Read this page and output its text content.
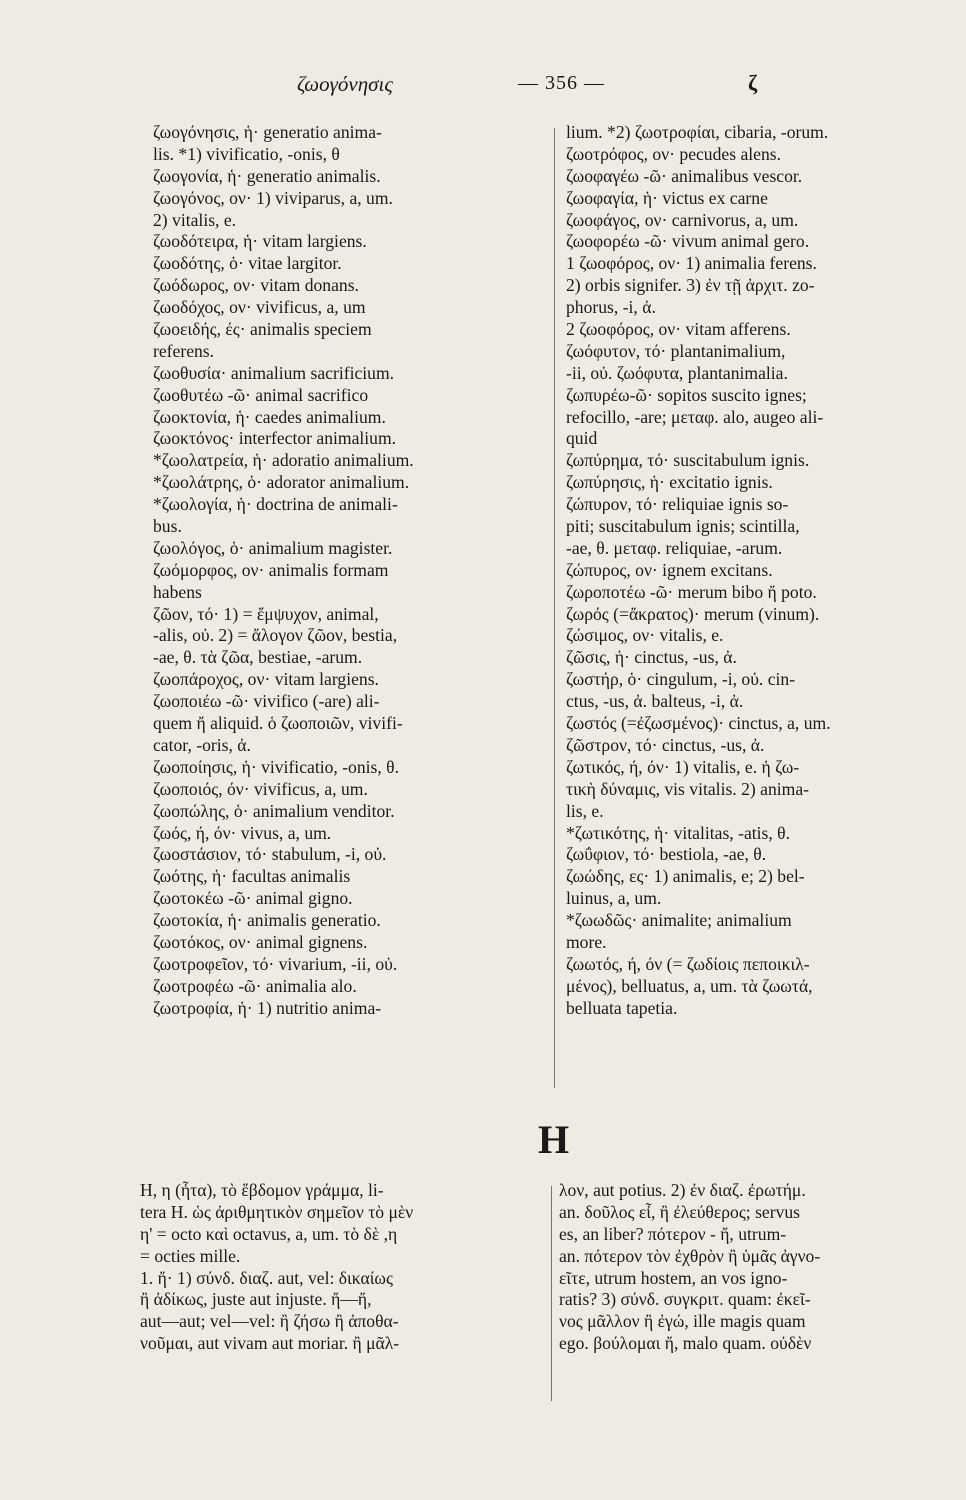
ζωογόνησις	— 356 —	ζ
ζωογόνησις, ἡ· generatio anima-
lis. *1) vivificatio, -onis, θ
ζωογονία, ἡ· generatio animalis.
ζωογόνος, ον· 1) viviparus, a, um.
2) vitalis, e.
ζωοδότειρα, ἡ· vitam largiens.
ζωοδότης, ὁ· vitae largitor.
ζωόδωρος, ον· vitam donans.
ζωοδόχος, ον· vivificus, a, um
ζωοειδής, ές· animalis speciem
referens.
ζωοθυσία· animalium sacrificium.
ζωοθυτέω -ῶ· animal sacrifico
ζωοκτονία, ἡ· caedes animalium.
ζωοκτόνος· interfector animalium.
*ζωολατρεία, ἡ· adoratio animalium.
*ζωολάτρης, ὁ· adorator animalium.
*ζωολογία, ἡ· doctrina de animali-
bus.
ζωολόγος, ὁ· animalium magister.
ζωόμορφος, ον· animalis formam
habens
ζῶον, τό· 1) = ἔμψυχον, animal,
-alis, οὐ. 2) = ἄλογον ζῶον, bestia,
-ae, θ. τὰ ζῶα, bestiae, -arum.
ζωοπάροχος, ον· vitam largiens.
ζωοποιέω -ῶ· vivifico (-are) ali-
quem ἤ aliquid. ὁ ζωοποιῶν, vivifi-
cator, -oris, ἀ.
ζωοποίησις, ἡ· vivificatio, -onis, θ.
ζωοποιός, όν· vivificus, a, um.
ζωοπώλης, ὁ· animalium venditor.
ζωός, ή, όν· vivus, a, um.
ζωοστάσιον, τό· stabulum, -i, οὐ.
ζωότης, ἡ· facultas animalis
ζωοτοκέω -ῶ· animal gigno.
ζωοτοκία, ἡ· animalis generatio.
ζωοτόκος, ον· animal gignens.
ζωοτροφεῖον, τό· vivarium, -ii, οὐ.
ζωοτροφέω -ῶ· animalia alo.
ζωοτροφία, ἡ· 1) nutritio anima-
lium. *2) ζωοτροφίαι, cibaria, -orum.
ζωοτρόφος, ον· pecudes alens.
ζωοφαγέω -ῶ· animalibus vescor.
ζωοφαγία, ἡ· victus ex carne
ζωοφάγος, ον· carnivorus, a, um.
ζωοφορέω -ῶ· vivum animal gero.
1 ζωοφόρος, ον· 1) animalia ferens.
2) orbis signifer. 3) ἐν τῇ ἀρχιτ. zo-
phorus, -i, ἀ.
2 ζωοφόρος, ον· vitam afferens.
ζωόφυτον, τό· plantanimalium,
-ii, οὐ. ζωόφυτα, plantanimalia.
ζωπυρέω-ῶ· sopitos suscito ignes;
refocillo, -are; μεταφ. alo, augeo ali-
quid
ζωπύρημα, τό· suscitabulum ignis.
ζωπύρησις, ἡ· excitatio ignis.
ζώπυρον, τό· reliquiae ignis so-
piti; suscitabulum ignis; scintilla,
-ae, θ. μεταφ. reliquiae, -arum.
ζώπυρος, ον· ignem excitans.
ζωροποτέω -ῶ· merum bibo ἤ poto.
ζωρός (=ἄκρατος)· merum (vinum).
ζώσιμος, ον· vitalis, e.
ζῶσις, ἡ· cinctus, -us, ἀ.
ζωστήρ, ὁ· cingulum, -i, οὐ. cin-
ctus, -us, ἀ. balteus, -i, ἀ.
ζωστός (=ἐζωσμένος)· cinctus, a, um.
ζῶστρον, τό· cinctus, -us, ἀ.
ζωτικός, ή, όν· 1) vitalis, e. ἡ ζω-
τικὴ δύναμις, vis vitalis. 2) anima-
lis, e.
*ζωτικότης, ἡ· vitalitas, -atis, θ.
ζωΰφιον, τό· bestiola, -ae, θ.
ζωώδης, ες· 1) animalis, e; 2) bel-
luinus, a, um.
*ζωωδῶς· animalite; animalium
more.
ζωωτός, ή, όν (= ζωδίοις πεποικιλ-
μένος), belluatus, a, um. τὰ ζωωτά,
belluata tapetia.
Η
Η, η (ἦτα), τὸ ἕβδομον γράμμα, li-
tera H. ὡς ἀριθμητικὸν σημεῖον τὸ μὲν
η' = octo καὶ octavus, a, um. τὸ δὲ ,η
= octies mille.
1. ἤ· 1) σύνδ. διαζ. aut, vel: δικαίως
ἢ ἀδίκως, juste aut injuste. ἤ—ἤ,
aut—aut; vel—vel: ἢ ζήσω ἢ ἀποθα-
νοῦμαι, aut vivam aut moriar. ἢ μᾶλ-
λον, aut potius. 2) ἐν διαζ. ἐρωτήμ.
an. δοῦλος εἶ, ἢ ἐλεύθερος; servus
es, an liber? πότερον - ἤ, utrum-
an. πότερον τὸν ἐχθρὸν ἢ ὑμᾶς ἀγνο-
εῖτε, utrum hostem, an vos igno-
ratis? 3) σύνδ. συγκριτ. quam: ἐκεῖ-
νος μᾶλλον ἢ ἐγώ, ille magis quam
ego. βούλομαι ἤ, malo quam. οὐδὲν
